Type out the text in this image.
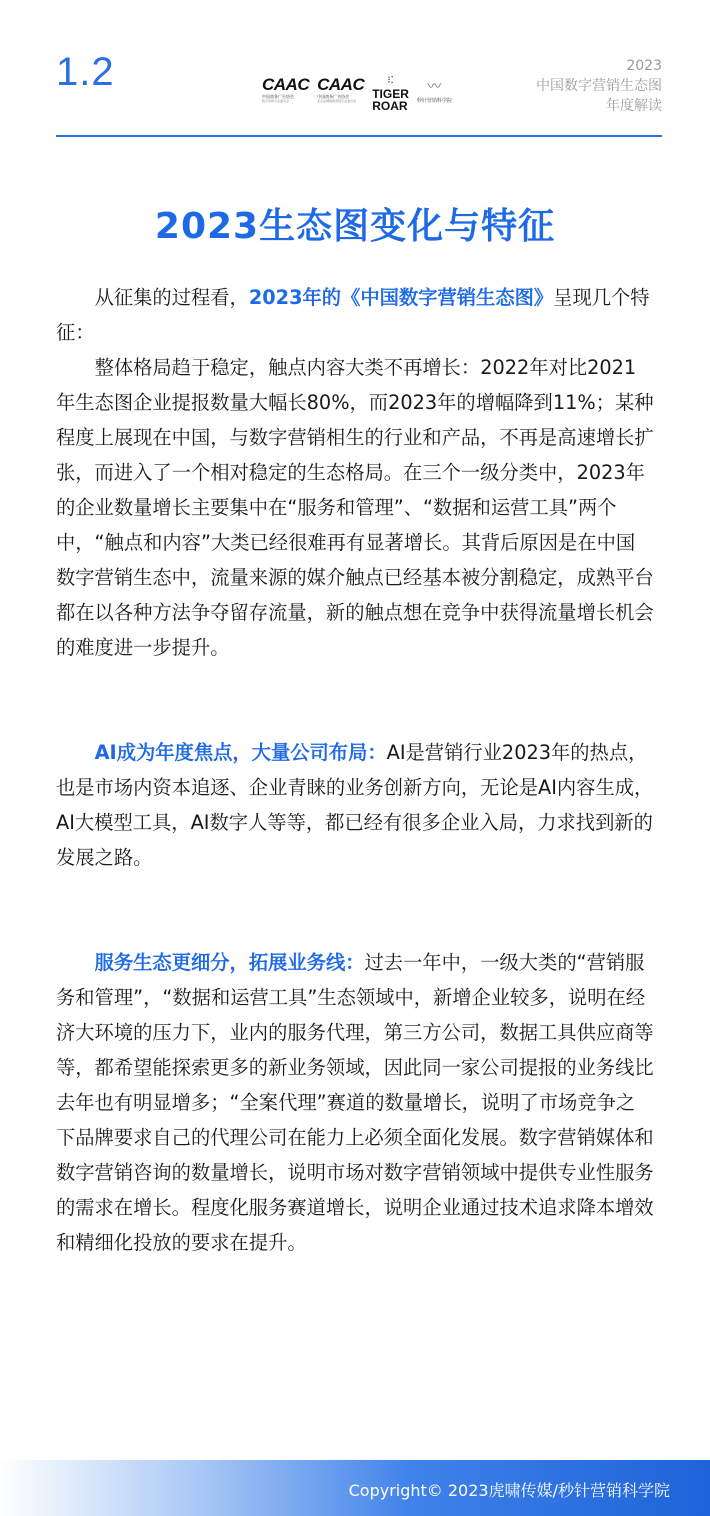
1.2	CAAC
中国商务广告协会
数字营销专业委员会
CAAC
中国商务广告协会
北京品牌数智营销专业委员会
⁝⁚
TIGER
ROAR
〰
秒针营销科学院
2023
中国数字营销生态图
年度解读
2023生态图变化与特征

从征集的过程看，2023年的《中国数字营销生态图》呈现几个特征：

整体格局趋于稳定，触点内容大类不再增长：2022年对比2021年生态图企业提报数量大幅长80%，而2023年的增幅降到11%；某种程度上展现在中国，与数字营销相生的行业和产品，不再是高速增长扩张，而进入了一个相对稳定的生态格局。在三个一级分类中，2023年的企业数量增长主要集中在“服务和管理”、“数据和运营工具”两个中，“触点和内容”大类已经很难再有显著增长。其背后原因是在中国数字营销生态中，流量来源的媒介触点已经基本被分割稳定，成熟平台都在以各种方法争夺留存流量，新的触点想在竞争中获得流量增长机会的难度进一步提升。

AI成为年度焦点，大量公司布局：AI是营销行业2023年的热点，也是市场内资本追逐、企业青睐的业务创新方向，无论是AI内容生成，AI大模型工具，AI数字人等等，都已经有很多企业入局，力求找到新的发展之路。

服务生态更细分，拓展业务线：过去一年中，一级大类的“营销服务和管理”，“数据和运营工具”生态领域中，新增企业较多，说明在经济大环境的压力下，业内的服务代理，第三方公司，数据工具供应商等等，都希望能探索更多的新业务领域，因此同一家公司提报的业务线比去年也有明显增多；“全案代理”赛道的数量增长，说明了市场竞争之下品牌要求自己的代理公司在能力上必须全面化发展。数字营销媒体和数字营销咨询的数量增长，说明市场对数字营销领域中提供专业性服务的需求在增长。程度化服务赛道增长，说明企业通过技术追求降本增效和精细化投放的要求在提升。

Copyright© 2023虎啸传媒/秒针营销科学院
